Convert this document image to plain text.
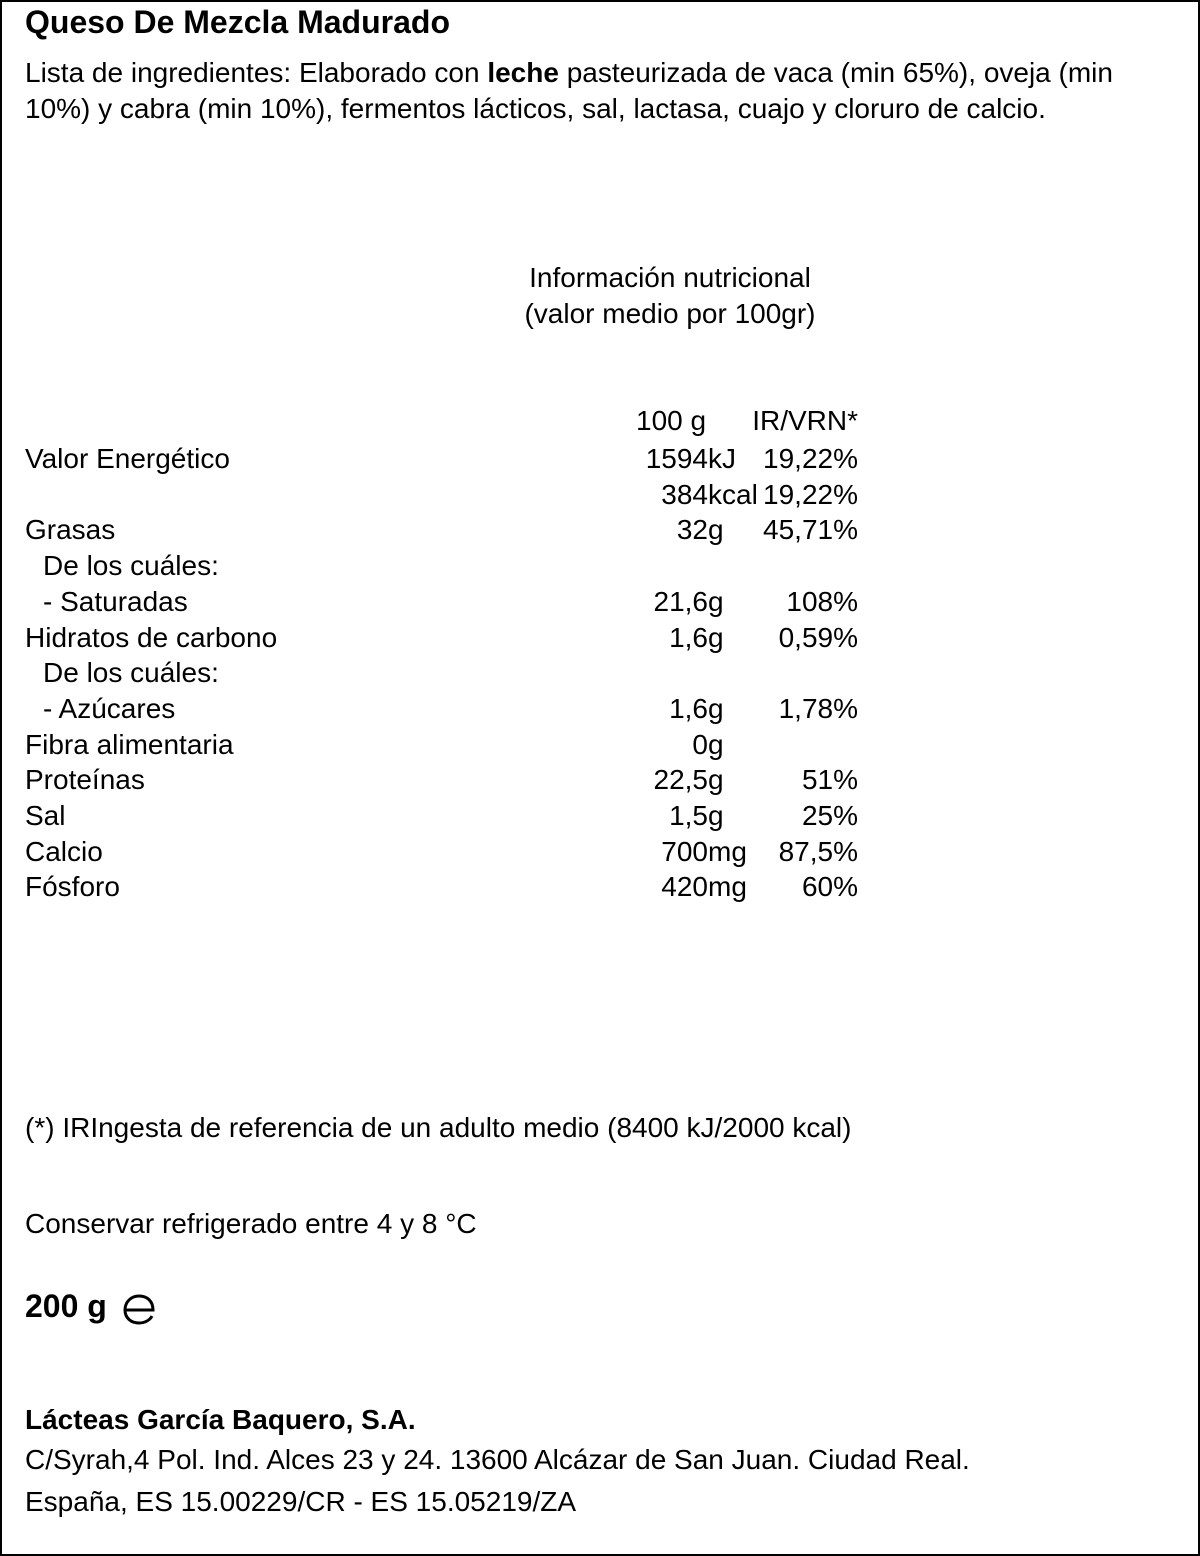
Queso De Mezcla Madurado
Lista de ingredientes: Elaborado con leche pasteurizada de vaca (min 65%), oveja (min 10%) y cabra (min 10%), fermentos lácticos, sal, lactasa, cuajo y cloruro de calcio.
Información nutricional
(valor medio por 100gr)
100 g IR/VRN*
Valor Energético	1594 kJ 19,22%
384 kcal 19,22%
Grasas	32 g 45,71%
De los cuáles:
- Saturadas	21,6 g 108%
Hidratos de carbono	1,6 g 0,59%
De los cuáles:
- Azúcares	1,6 g 1,78%
Fibra alimentaria	0 g
Proteínas	22,5 g	51%
Sal	1,5 g	25%
Calcio	700 mg 87,5%
Fósforo	420 mg 60%
(*) IRIngesta de referencia de un adulto medio (8400 kJ/2000 kcal)
Conservar refrigerado entre 4 y 8 °C
200 g
Lácteas García Baquero, S.A.
C/Syrah,4 Pol. Ind. Alces 23 y 24. 13600 Alcázar de San Juan. Ciudad Real.
España, ES 15.00229/CR - ES 15.05219/ZA
